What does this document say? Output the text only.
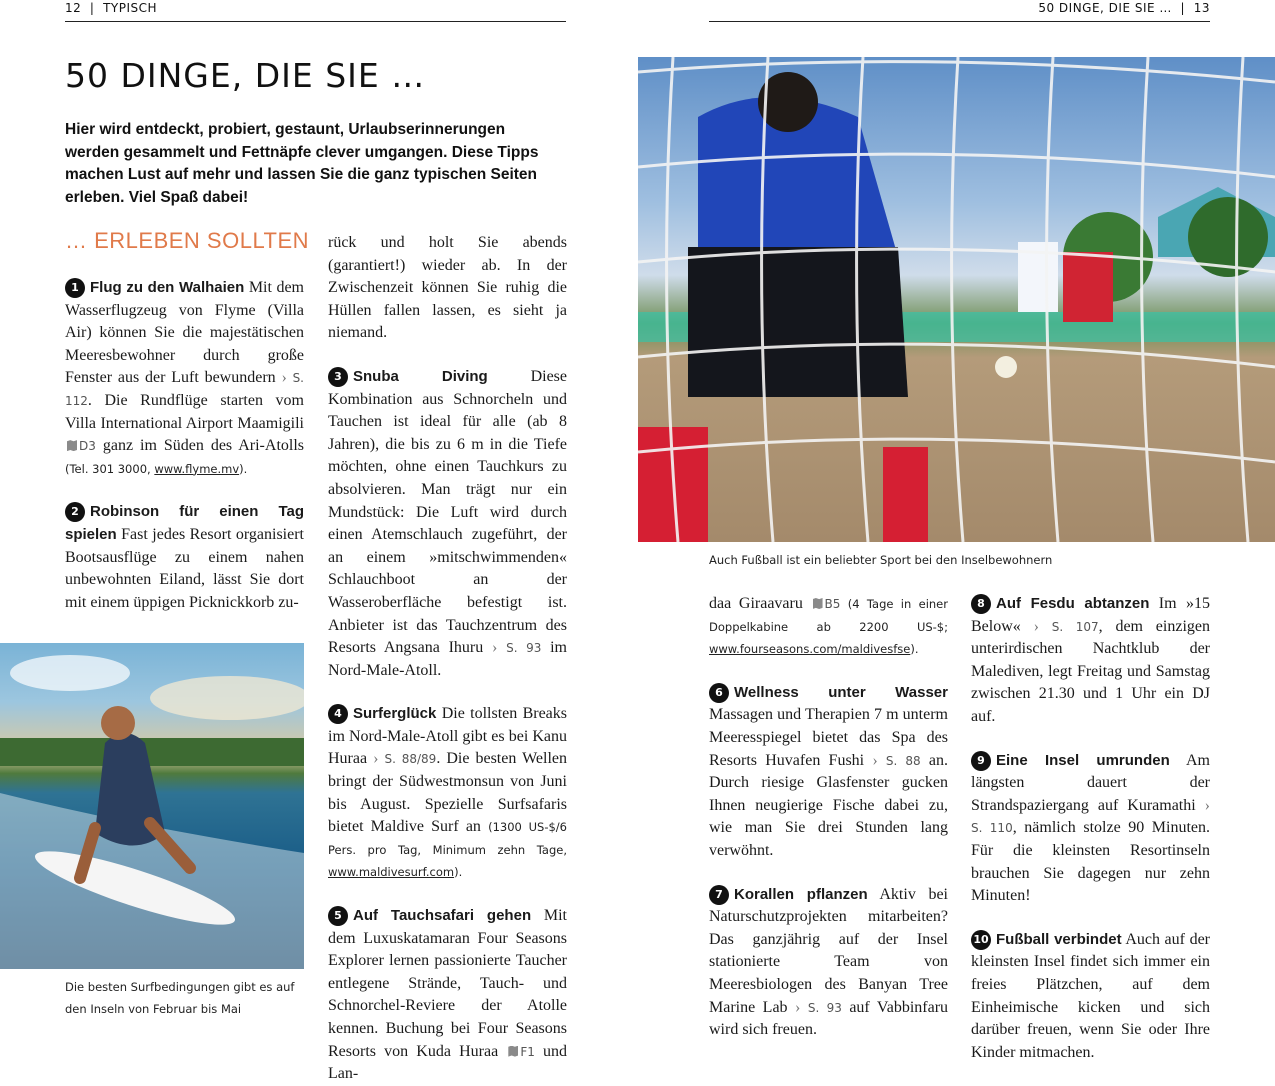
12  |  TYPISCH	50 DINGE, DIE SIE …  |  13
50 DINGE, DIE SIE …
Hier wird entdeckt, probiert, gestaunt, Urlaubserinnerungen werden gesammelt und Fettnäpfe clever umgangen. Diese Tipps machen Lust auf mehr und lassen Sie die ganz typischen Seiten erleben. Viel Spaß dabei!
… ERLEBEN SOLLTEN

1 Flug zu den Walhaien Mit dem Wasserflugzeug von Flyme (Villa Air) können Sie die majestätischen Meeresbewohner durch große Fenster aus der Luft bewundern › S. 112. Die Rundflüge starten vom Villa International Airport Maamigili D3 ganz im Süden des Ari-Atolls (Tel. 301 3000, www.flyme.mv).

2 Robinson für einen Tag spielen Fast jedes Resort organisiert Bootsausflüge zu einem nahen unbewohnten Eiland, lässt Sie dort mit einem üppigen Picknickkorb zu-

Die besten Surfbedingungen gibt es auf den Inseln von Februar bis Mai

rück und holt Sie abends (garantiert!) wieder ab. In der Zwischenzeit können Sie ruhig die Hüllen fallen lassen, es sieht ja niemand.

3 Snuba Diving Diese Kombination aus Schnorcheln und Tauchen ist ideal für alle (ab 8 Jahren), die bis zu 6 m in die Tiefe möchten, ohne einen Tauchkurs zu absolvieren. Man trägt nur ein Mundstück: Die Luft wird durch einen Atemschlauch zugeführt, der an einem »mitschwimmenden« Schlauchboot an der Wasseroberfläche befestigt ist. Anbieter ist das Tauchzentrum des Resorts Angsana Ihuru › S. 93 im Nord-Male-Atoll.

4 Surferglück Die tollsten Breaks im Nord-Male-Atoll gibt es bei Kanu Huraa › S. 88/89. Die besten Wellen bringt der Südwestmonsun von Juni bis August. Spezielle Surfsafaris bietet Maldive Surf an (1300 US-$/6 Pers. pro Tag, Minimum zehn Tage, www.maldivesurf.com).

5 Auf Tauchsafari gehen Mit dem Luxuskatamaran Four Seasons Explorer lernen passionierte Taucher entlegene Strände, Tauch- und Schnorchel-Reviere der Atolle kennen. Buchung bei Four Seasons Resorts von Kuda Huraa F1 und Lan-

Auch Fußball ist ein beliebter Sport bei den Inselbewohnern

daa Giraavaru B5 (4 Tage in einer Doppelkabine ab 2200 US-$; www.fourseasons.com/maldivesfse).

6 Wellness unter Wasser Massagen und Therapien 7 m unterm Meeresspiegel bietet das Spa des Resorts Huvafen Fushi › S. 88 an. Durch riesige Glasfenster gucken Ihnen neugierige Fische dabei zu, wie man Sie drei Stunden lang verwöhnt.

7 Korallen pflanzen Aktiv bei Naturschutzprojekten mitarbeiten? Das ganzjährig auf der Insel stationierte Team von Meeresbiologen des Banyan Tree Marine Lab › S. 93 auf Vabbinfaru wird sich freuen.

8 Auf Fesdu abtanzen Im »15 Below« › S. 107, dem einzigen unterirdischen Nachtklub der Malediven, legt Freitag und Samstag zwischen 21.30 und 1 Uhr ein DJ auf.

9 Eine Insel umrunden Am längsten dauert der Strandspaziergang auf Kuramathi › S. 110, nämlich stolze 90 Minuten. Für die kleinsten Resortinseln brauchen Sie dagegen nur zehn Minuten!

10 Fußball verbindet Auch auf der kleinsten Insel findet sich immer ein freies Plätzchen, auf dem Einheimische kicken und sich darüber freuen, wenn Sie oder Ihre Kinder mitmachen.
